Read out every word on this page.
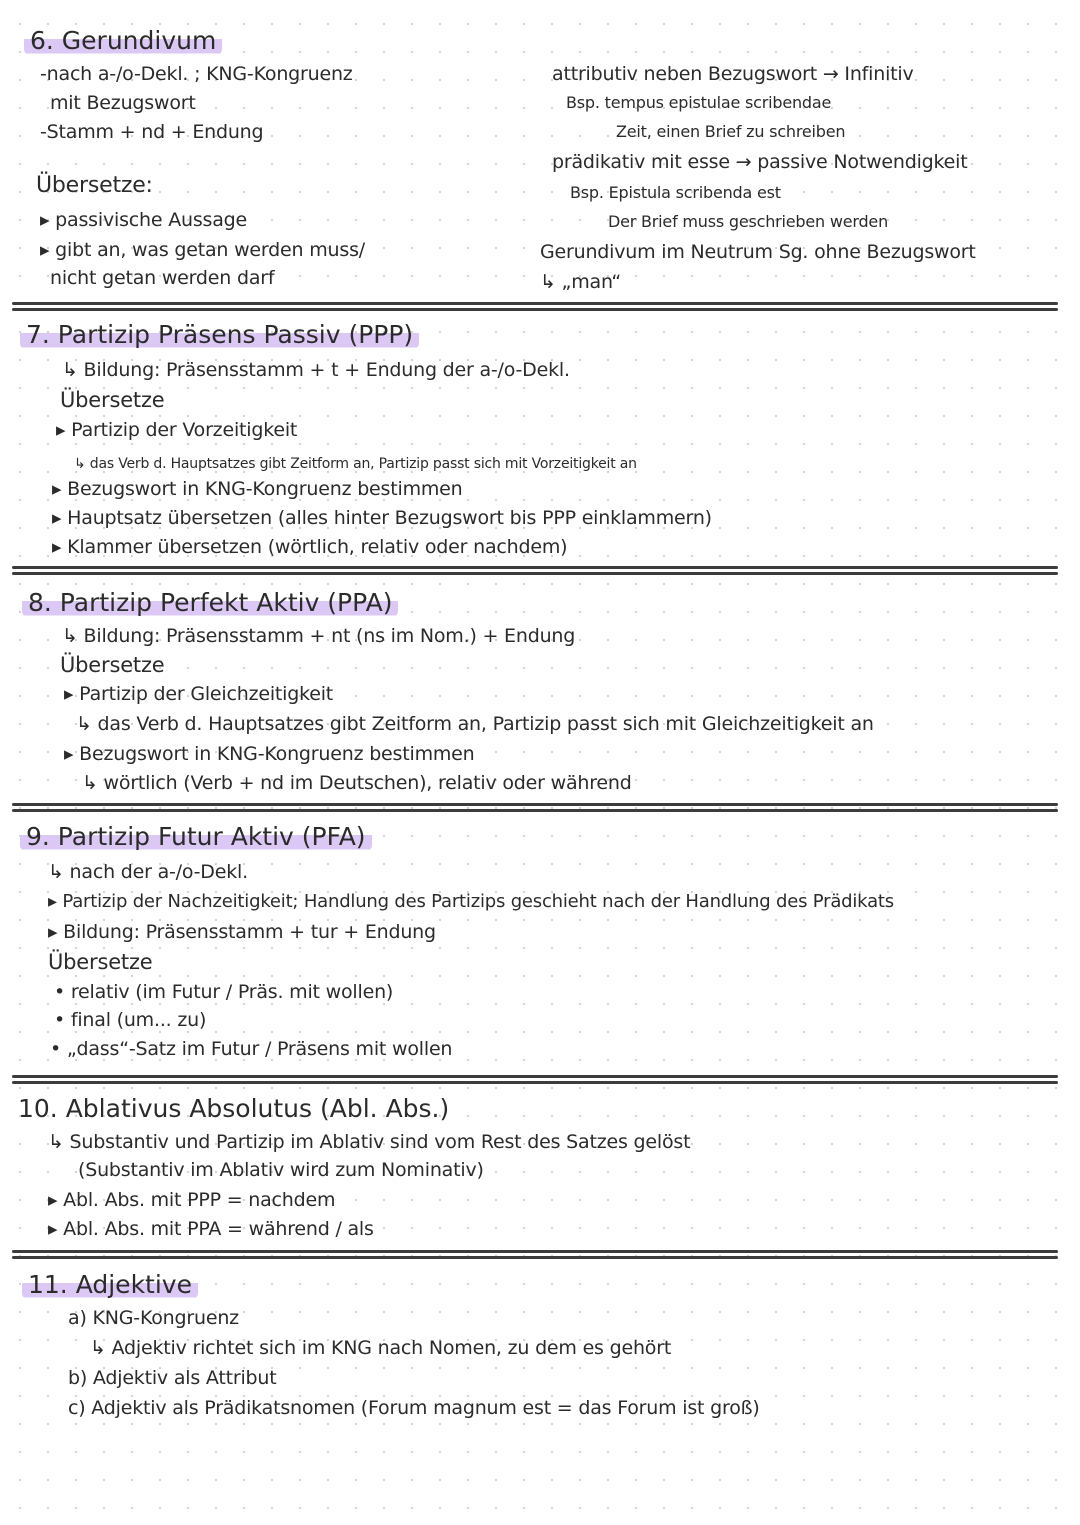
6. Gerundivum
-nach a-/o-Dekl. ; KNG-Kongruenz
mit Bezugswort
-Stamm + nd + Endung
Übersetze:
▸ passivische Aussage
▸ gibt an, was getan werden muss/
nicht getan werden darf
attributiv neben Bezugswort → Infinitiv
Bsp. tempus epistulae scribendae
Zeit, einen Brief zu schreiben
prädikativ mit esse → passive Notwendigkeit
Bsp. Epistula scribenda est
Der Brief muss geschrieben werden
Gerundivum im Neutrum Sg. ohne Bezugswort
↳ „man“
7. Partizip Präsens Passiv (PPP)
↳ Bildung: Präsensstamm + t + Endung der a-/o-Dekl.
Übersetze
▸ Partizip der Vorzeitigkeit
↳ das Verb d. Hauptsatzes gibt Zeitform an, Partizip passt sich mit Vorzeitigkeit an
▸ Bezugswort in KNG-Kongruenz bestimmen
▸ Hauptsatz übersetzen (alles hinter Bezugswort bis PPP einklammern)
▸ Klammer übersetzen (wörtlich, relativ oder nachdem)
8. Partizip Perfekt Aktiv (PPA)
↳ Bildung: Präsensstamm + nt (ns im Nom.) + Endung
Übersetze
▸ Partizip der Gleichzeitigkeit
↳ das Verb d. Hauptsatzes gibt Zeitform an, Partizip passt sich mit Gleichzeitigkeit an
▸ Bezugswort in KNG-Kongruenz bestimmen
↳ wörtlich (Verb + nd im Deutschen), relativ oder während
9. Partizip Futur Aktiv (PFA)
↳ nach der a-/o-Dekl.
▸ Partizip der Nachzeitigkeit; Handlung des Partizips geschieht nach der Handlung des Prädikats
▸ Bildung: Präsensstamm + tur + Endung
Übersetze
• relativ (im Futur / Präs. mit wollen)
• final (um... zu)
• „dass“-Satz im Futur / Präsens mit wollen
10. Ablativus Absolutus (Abl. Abs.)
↳ Substantiv und Partizip im Ablativ sind vom Rest des Satzes gelöst
(Substantiv im Ablativ wird zum Nominativ)
▸ Abl. Abs. mit PPP = nachdem
▸ Abl. Abs. mit PPA = während / als
11. Adjektive
a) KNG-Kongruenz
↳ Adjektiv richtet sich im KNG nach Nomen, zu dem es gehört
b) Adjektiv als Attribut
c) Adjektiv als Prädikatsnomen (Forum magnum est = das Forum ist groß)
